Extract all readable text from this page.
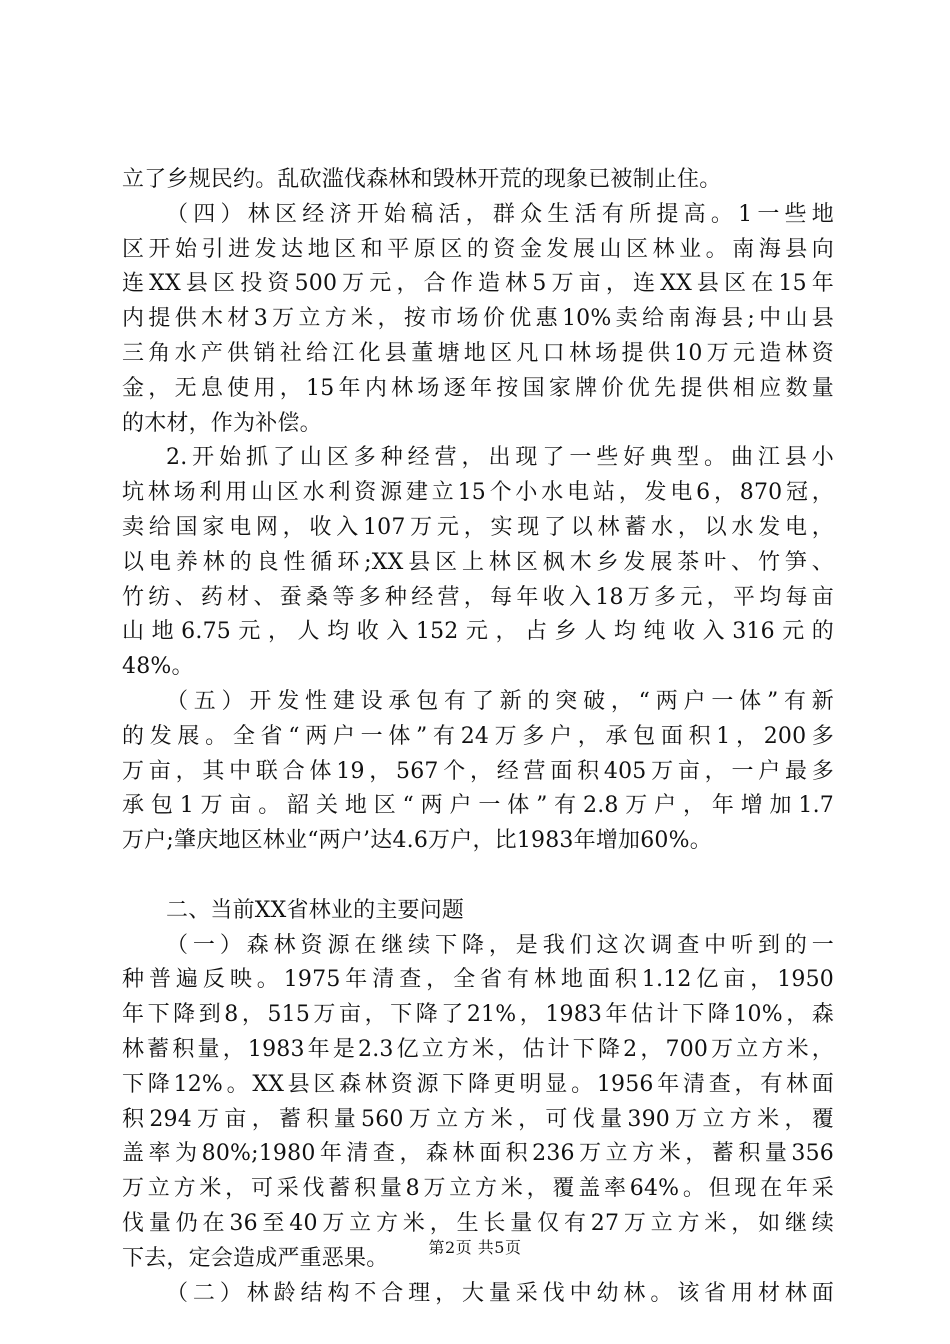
立了乡规民约。乱砍滥伐森林和毁林开荒的现象已被制止住。
（四）林区经济开始稿活，群众生活有所提高。1一些地
区开始引进发达地区和平原区的资金发展山区林业。南海县向
连XX县区投资500万元，合作造林5万亩，连XX县区在15年
内提供木材3万立方米，按市场价优惠10%卖给南海县;中山县
三角水产供销社给江化县董塘地区凡口林场提供10万元造林资
金，无息使用，15年内林场逐年按国家牌价优先提供相应数量
的木材，作为补偿。
2.开始抓了山区多种经营，出现了一些好典型。曲江县小
坑林场利用山区水利资源建立15个小水电站，发电6，870冠，
卖给国家电网，收入107万元，实现了以林蓄水，以水发电，
以电养林的良性循环;XX县区上林区枫木乡发展茶叶、竹笋、
竹纺、药材、蚕桑等多种经营，每年收入18万多元，平均每亩
山地6.75元，人均收入152元，占乡人均纯收入316元的
48%。
（五）开发性建设承包有了新的突破，“两户一体”有新
的发展。全省“两户一体”有24万多户，承包面积1，200多
万亩，其中联合体19，567个，经营面积405万亩，一户最多
承包1万亩。韶关地区“两户一体”有2.8万户，年增加1.7
万户;肇庆地区林业“两户’达4.6万户，比1983年增加60%。
二、当前XX省林业的主要问题
（一）森林资源在继续下降，是我们这次调查中听到的一
种普遍反映。1975年清查，全省有林地面积1.12亿亩，1950
年下降到8，515万亩，下降了21%，1983年估计下降10%，森
林蓄积量，1983年是2.3亿立方米，估计下降2，700万立方米，
下降12%。XX县区森林资源下降更明显。1956年清查，有林面
积294万亩，蓄积量560万立方米，可伐量390万立方米，覆
盖率为80%;1980年清查，森林面积236万立方米，蓄积量356
万立方米，可采伐蓄积量8万立方米，覆盖率64%。但现在年采
伐量仍在36至40万立方米，生长量仅有27万立方米，如继续
下去，定会造成严重恶果。
（二）林龄结构不合理，大量采伐中幼林。该省用材林面
第2页 共5页
